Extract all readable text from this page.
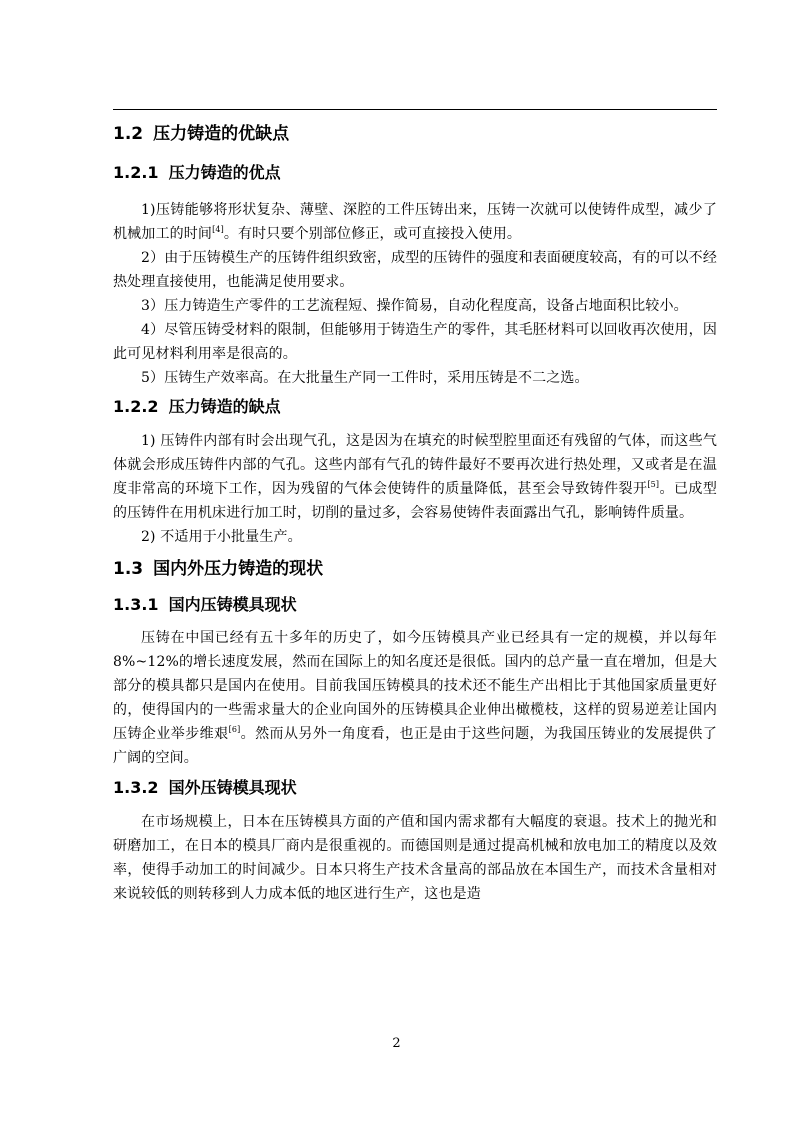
1.2 压力铸造的优缺点
1.2.1 压力铸造的优点

1)压铸能够将形状复杂、薄壁、深腔的工件压铸出来，压铸一次就可以使铸件成型，减少了机械加工的时间[4]。有时只要个别部位修正，或可直接投入使用。

2）由于压铸模生产的压铸件组织致密，成型的压铸件的强度和表面硬度较高，有的可以不经热处理直接使用，也能满足使用要求。

3）压力铸造生产零件的工艺流程短、操作简易，自动化程度高，设备占地面积比较小。

4）尽管压铸受材料的限制，但能够用于铸造生产的零件，其毛胚材料可以回收再次使用，因此可见材料利用率是很高的。

5）压铸生产效率高。在大批量生产同一工件时，采用压铸是不二之选。

1.2.2 压力铸造的缺点

1) 压铸件内部有时会出现气孔，这是因为在填充的时候型腔里面还有残留的气体，而这些气体就会形成压铸件内部的气孔。这些内部有气孔的铸件最好不要再次进行热处理，又或者是在温度非常高的环境下工作，因为残留的气体会使铸件的质量降低，甚至会导致铸件裂开[5]。已成型的压铸件在用机床进行加工时，切削的量过多，会容易使铸件表面露出气孔，影响铸件质量。

2) 不适用于小批量生产。

1.3 国内外压力铸造的现状
1.3.1 国内压铸模具现状

压铸在中国已经有五十多年的历史了，如今压铸模具产业已经具有一定的规模，并以每年 8%~12%的增长速度发展，然而在国际上的知名度还是很低。国内的总产量一直在增加，但是大部分的模具都只是国内在使用。目前我国压铸模具的技术还不能生产出相比于其他国家质量更好的，使得国内的一些需求量大的企业向国外的压铸模具企业伸出橄榄枝，这样的贸易逆差让国内压铸企业举步维艰[6]。然而从另外一角度看，也正是由于这些问题，为我国压铸业的发展提供了广阔的空间。

1.3.2 国外压铸模具现状

在市场规模上，日本在压铸模具方面的产值和国内需求都有大幅度的衰退。技术上的抛光和研磨加工，在日本的模具厂商内是很重视的。而德国则是通过提高机械和放电加工的精度以及效率，使得手动加工的时间减少。日本只将生产技术含量高的部品放在本国生产，而技术含量相对来说较低的则转移到人力成本低的地区进行生产，这也是造

2
